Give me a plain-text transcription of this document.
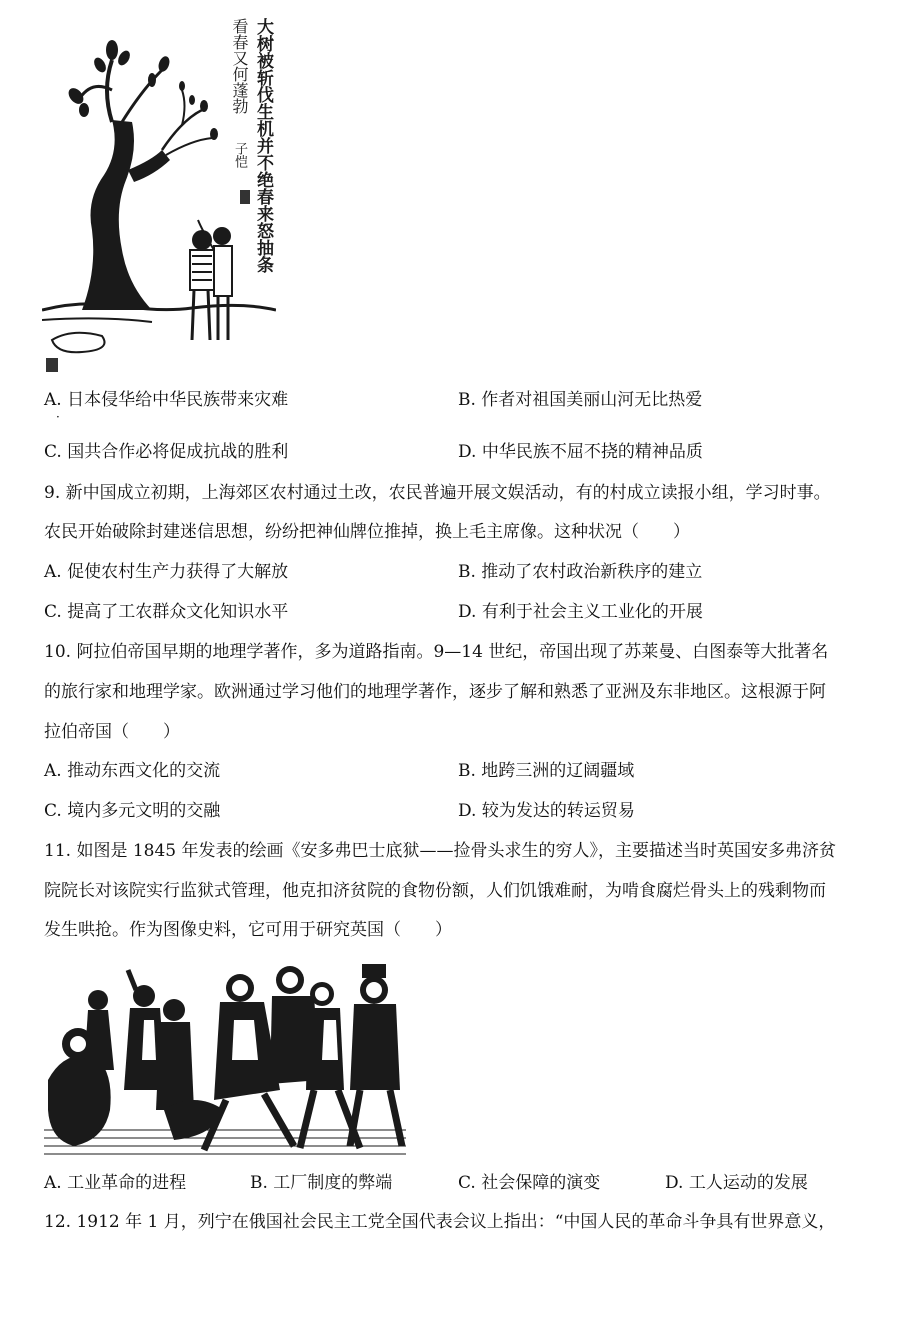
大树被斩伐生机并不绝春来怒抽条
看春又何蓬勃
子恺
A. 日本侵华给中华民族带来灾难	B. 作者对祖国美丽山河无比热爱
·
C. 国共合作必将促成抗战的胜利	D. 中华民族不屈不挠的精神品质
9. 新中国成立初期，上海郊区农村通过土改，农民普遍开展文娱活动，有的村成立读报小组，学习时事。
农民开始破除封建迷信思想，纷纷把神仙牌位推掉，换上毛主席像。这种状况（　　）
A. 促使农村生产力获得了大解放	B. 推动了农村政治新秩序的建立
C. 提高了工农群众文化知识水平	D. 有利于社会主义工业化的开展
10. 阿拉伯帝国早期的地理学著作，多为道路指南。9—14 世纪，帝国出现了苏莱曼、白图泰等大批著名
的旅行家和地理学家。欧洲通过学习他们的地理学著作，逐步了解和熟悉了亚洲及东非地区。这根源于阿
拉伯帝国（　　）
A. 推动东西文化的交流	B. 地跨三洲的辽阔疆域
C. 境内多元文明的交融	D. 较为发达的转运贸易
11. 如图是 1845 年发表的绘画《安多弗巴士底狱——捡骨头求生的穷人》，主要描述当时英国安多弗济贫
院院长对该院实行监狱式管理，他克扣济贫院的食物份额，人们饥饿难耐，为啃食腐烂骨头上的残剩物而
发生哄抢。作为图像史料，它可用于研究英国（　　）
A. 工业革命的进程	B. 工厂制度的弊端	C. 社会保障的演变	D. 工人运动的发展
12. 1912 年 1 月，列宁在俄国社会民主工党全国代表会议上指出：“中国人民的革命斗争具有世界意义，
